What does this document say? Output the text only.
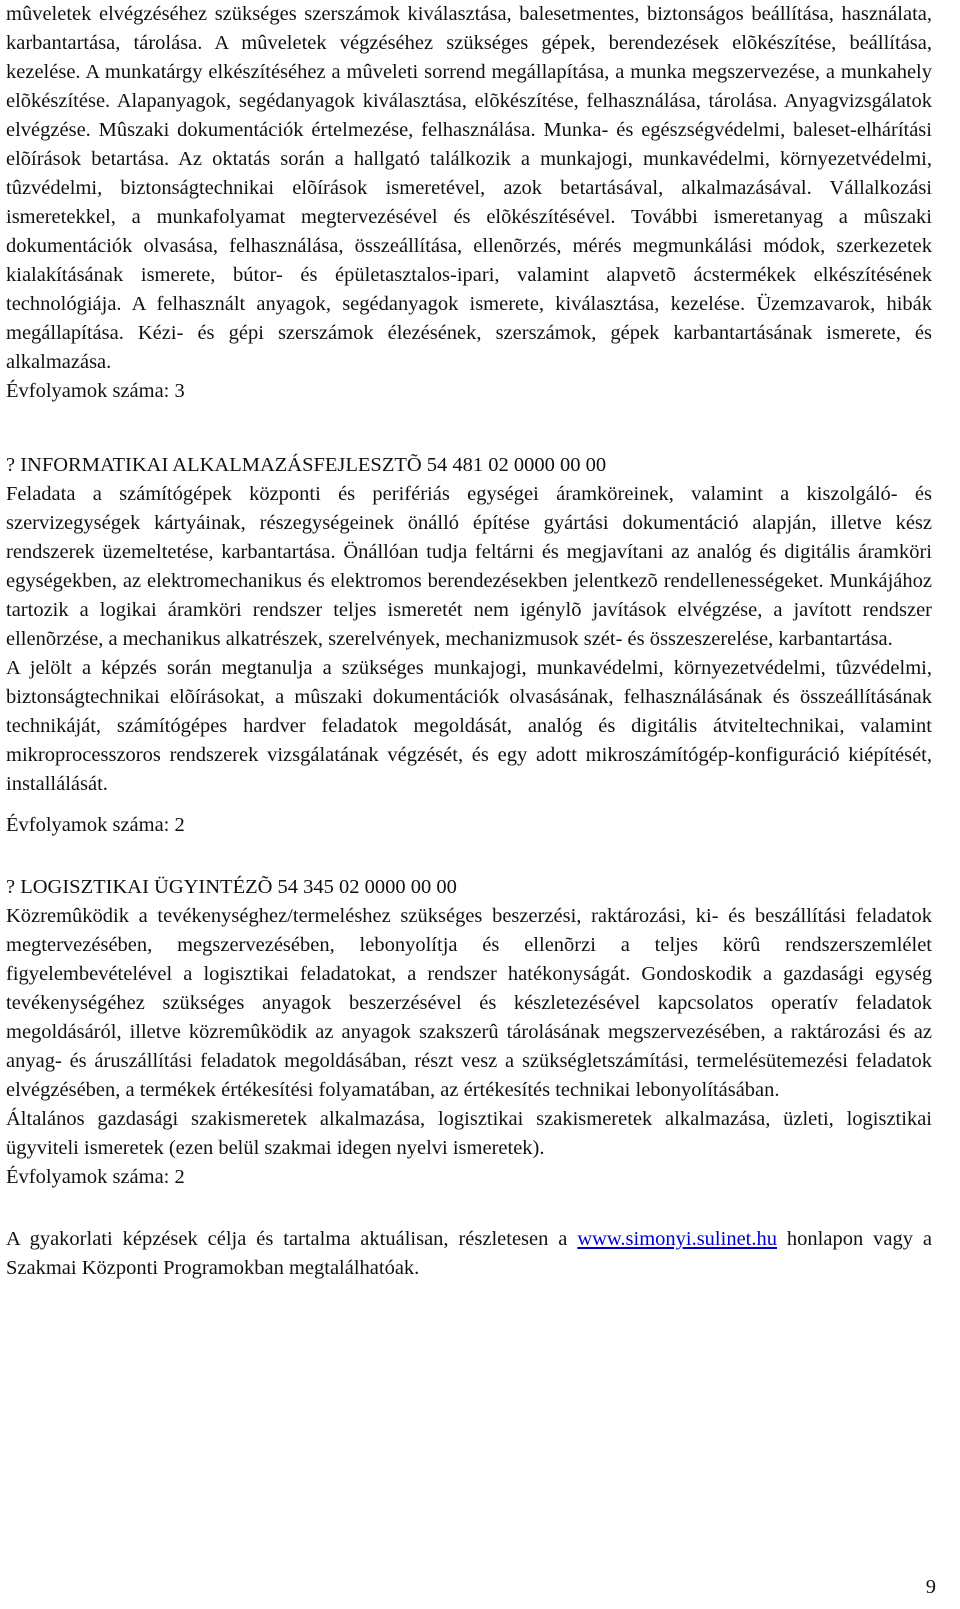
mûveletek elvégzéséhez szükséges szerszámok kiválasztása, balesetmentes, biztonságos beállítása, használata, karbantartása, tárolása. A mûveletek végzéséhez szükséges gépek, berendezések elõkészítése, beállítása, kezelése. A munkatárgy elkészítéséhez a mûveleti sorrend megállapítása, a munka megszervezése, a munkahely elõkészítése. Alapanyagok, segédanyagok kiválasztása, elõkészítése, felhasználása, tárolása. Anyagvizsgálatok elvégzése. Mûszaki dokumentációk értelmezése, felhasználása. Munka- és egészségvédelmi, baleset-elhárítási elõírások betartása. Az oktatás során a hallgató találkozik a munkajogi, munkavédelmi, környezetvédelmi, tûzvédelmi, biztonságtechnikai elõírások ismeretével, azok betartásával, alkalmazásával. Vállalkozási ismeretekkel, a munkafolyamat megtervezésével és elõkészítésével. További ismeretanyag a mûszaki dokumentációk olvasása, felhasználása, összeállítása, ellenõrzés, mérés megmunkálási módok, szerkezetek kialakításának ismerete, bútor- és épületasztalos-ipari, valamint alapvetõ ácstermékek elkészítésének technológiája. A felhasznált anyagok, segédanyagok ismerete, kiválasztása, kezelése. Üzemzavarok, hibák megállapítása. Kézi- és gépi szerszámok élezésének, szerszámok, gépek karbantartásának ismerete, és alkalmazása.

Évfolyamok száma: 3

? INFORMATIKAI ALKALMAZÁSFEJLESZTÕ 54 481 02 0000 00 00

Feladata a számítógépek központi és perifériás egységei áramköreinek, valamint a kiszolgáló- és szervizegységek kártyáinak, részegységeinek önálló építése gyártási dokumentáció alapján, illetve kész rendszerek üzemeltetése, karbantartása. Önállóan tudja feltárni és megjavítani az analóg és digitális áramköri egységekben, az elektromechanikus és elektromos berendezésekben jelentkezõ rendellenességeket. Munkájához tartozik a logikai áramköri rendszer teljes ismeretét nem igénylõ javítások elvégzése, a javított rendszer ellenõrzése, a mechanikus alkatrészek, szerelvények, mechanizmusok szét- és összeszerelése, karbantartása.

A jelölt a képzés során megtanulja a szükséges munkajogi, munkavédelmi, környezetvédelmi, tûzvédelmi, biztonságtechnikai elõírásokat, a mûszaki dokumentációk olvasásának, felhasználásának és összeállításának technikáját, számítógépes hardver feladatok megoldását, analóg és digitális átviteltechnikai, valamint mikroprocesszoros rendszerek vizsgálatának végzését, és egy adott mikroszámítógép-konfiguráció kiépítését, installálását.

Évfolyamok száma: 2

? LOGISZTIKAI ÜGYINTÉZÕ 54 345 02 0000 00 00

Közremûködik a tevékenységhez/termeléshez szükséges beszerzési, raktározási, ki- és beszállítási feladatok megtervezésében, megszervezésében, lebonyolítja és ellenõrzi a teljes körû rendszerszemlélet figyelembevételével a logisztikai feladatokat, a rendszer hatékonyságát. Gondoskodik a gazdasági egység tevékenységéhez szükséges anyagok beszerzésével és készletezésével kapcsolatos operatív feladatok megoldásáról, illetve közremûködik az anyagok szakszerû tárolásának megszervezésében, a raktározási és az anyag- és áruszállítási feladatok megoldásában, részt vesz a szükségletszámítási, termelésütemezési feladatok elvégzésében, a termékek értékesítési folyamatában, az értékesítés technikai lebonyolításában.

Általános gazdasági szakismeretek alkalmazása, logisztikai szakismeretek alkalmazása, üzleti, logisztikai ügyviteli ismeretek (ezen belül szakmai idegen nyelvi ismeretek).

Évfolyamok száma: 2

A gyakorlati képzések célja és tartalma aktuálisan, részletesen a www.simonyi.sulinet.hu honlapon vagy a Szakmai Központi Programokban megtalálhatóak.

9
